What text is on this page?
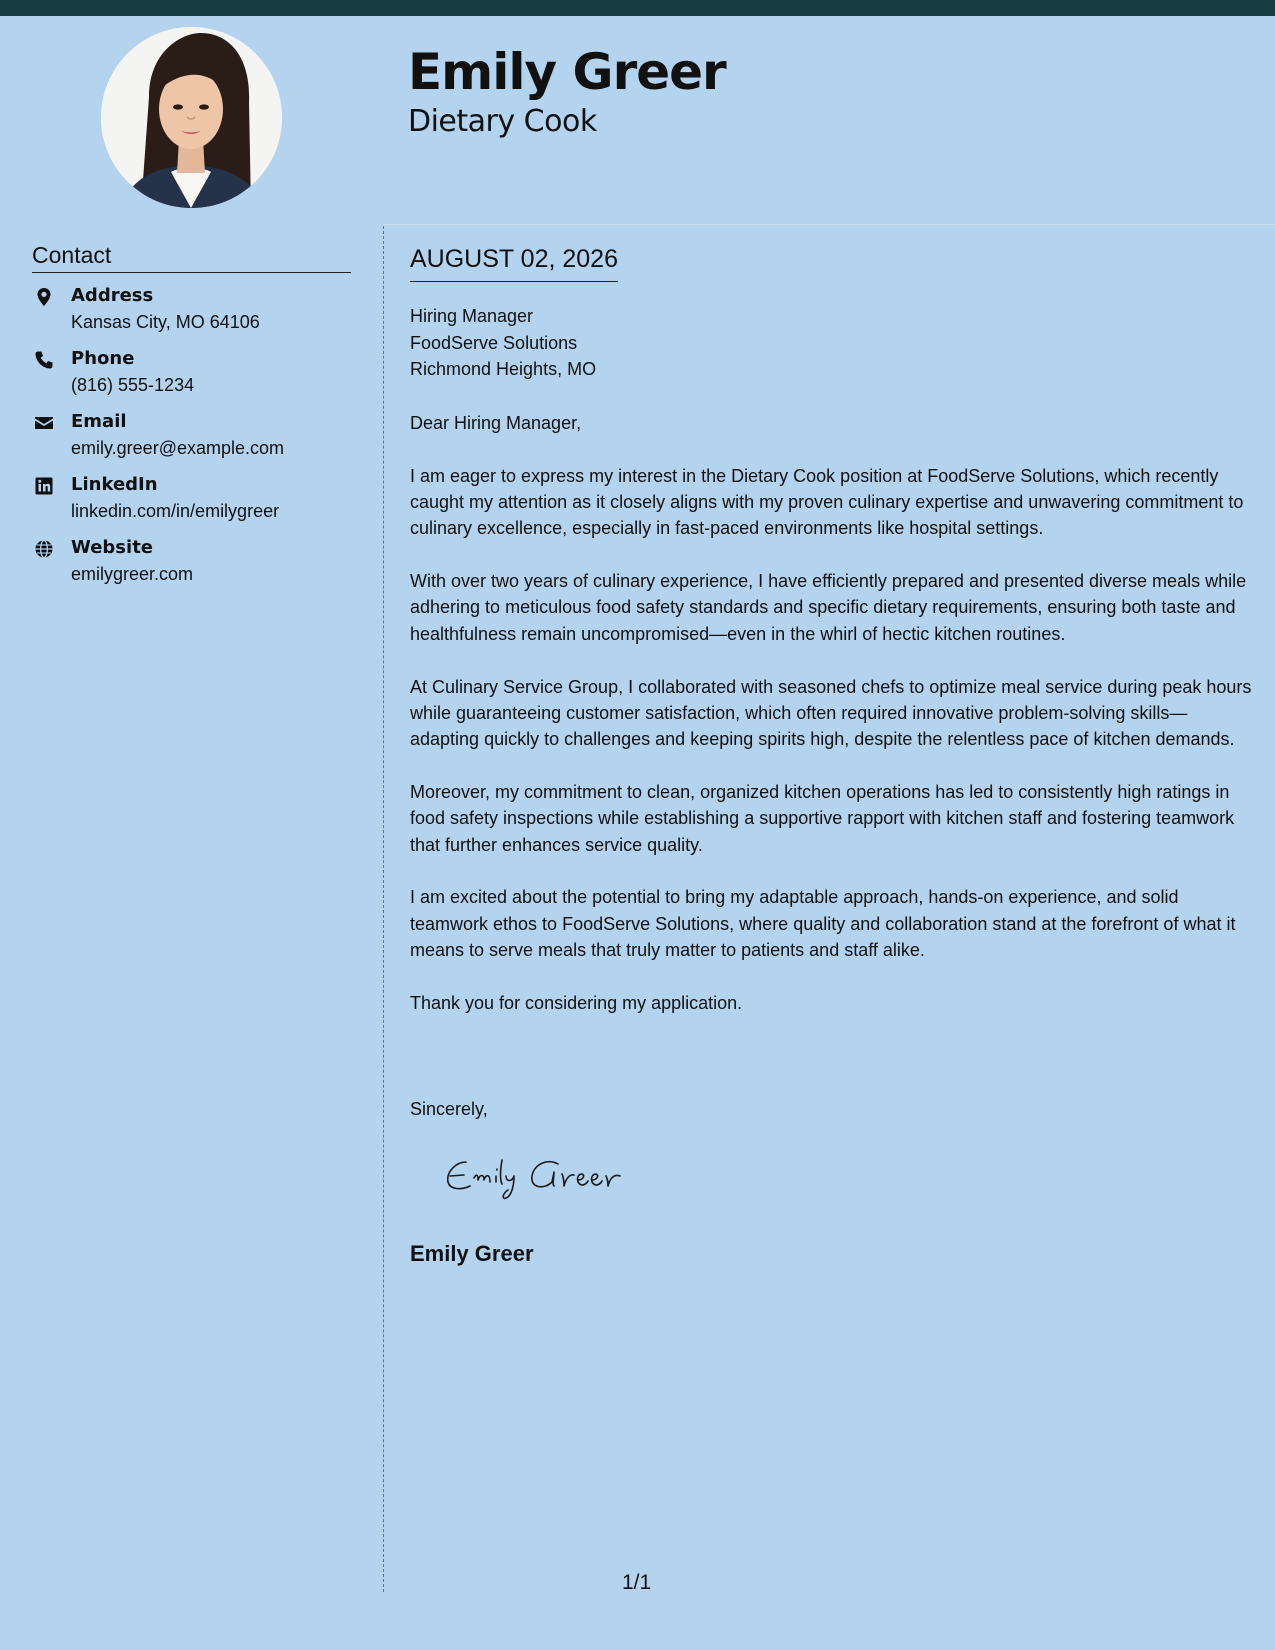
Emily Greer
Dietary Cook
Contact
Address
Kansas City, MO 64106
Phone
(816) 555-1234
Email
emily.greer@example.com
LinkedIn
linkedin.com/in/emilygreer
Website
emilygreer.com
AUGUST 02, 2026
Hiring Manager
FoodServe Solutions
Richmond Heights, MO

Dear Hiring Manager,

I am eager to express my interest in the Dietary Cook position at FoodServe Solutions, which recently caught my attention as it closely aligns with my proven culinary expertise and unwavering commitment to culinary excellence, especially in fast-paced environments like hospital settings.

With over two years of culinary experience, I have efficiently prepared and presented diverse meals while adhering to meticulous food safety standards and specific dietary requirements, ensuring both taste and healthfulness remain uncompromised—even in the whirl of hectic kitchen routines.

At Culinary Service Group, I collaborated with seasoned chefs to optimize meal service during peak hours while guaranteeing customer satisfaction, which often required innovative problem-solving skills—adapting quickly to challenges and keeping spirits high, despite the relentless pace of kitchen demands.

Moreover, my commitment to clean, organized kitchen operations has led to consistently high ratings in food safety inspections while establishing a supportive rapport with kitchen staff and fostering teamwork that further enhances service quality.

I am excited about the potential to bring my adaptable approach, hands-on experience, and solid teamwork ethos to FoodServe Solutions, where quality and collaboration stand at the forefront of what it means to serve meals that truly matter to patients and staff alike.

Thank you for considering my application.

Sincerely,
Emily Greer
1/1
